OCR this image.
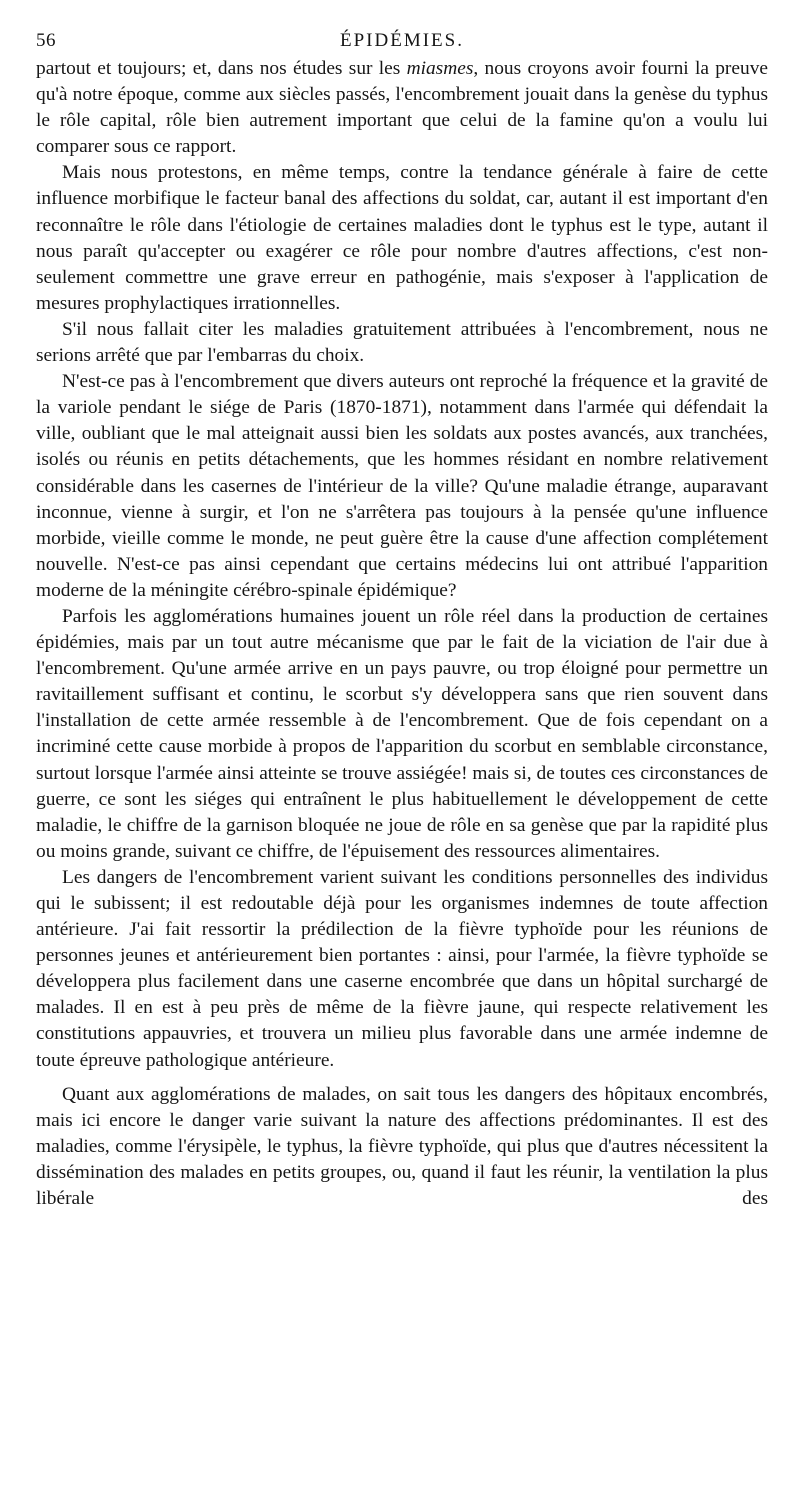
56	ÉPIDÉMIES.

partout et toujours; et, dans nos études sur les miasmes, nous croyons avoir fourni la preuve qu'à notre époque, comme aux siècles passés, l'encombrement jouait dans la genèse du typhus le rôle capital, rôle bien autrement important que celui de la famine qu'on a voulu lui comparer sous ce rapport.

Mais nous protestons, en même temps, contre la tendance générale à faire de cette influence morbifique le facteur banal des affections du soldat, car, autant il est important d'en reconnaître le rôle dans l'étiologie de certaines maladies dont le typhus est le type, autant il nous paraît qu'accepter ou exagérer ce rôle pour nombre d'autres affections, c'est non-seulement commettre une grave erreur en pathogénie, mais s'exposer à l'application de mesures prophylactiques irrationnelles.

S'il nous fallait citer les maladies gratuitement attribuées à l'encombrement, nous ne serions arrêté que par l'embarras du choix.

N'est-ce pas à l'encombrement que divers auteurs ont reproché la fréquence et la gravité de la variole pendant le siége de Paris (1870-1871), notamment dans l'armée qui défendait la ville, oubliant que le mal atteignait aussi bien les soldats aux postes avancés, aux tranchées, isolés ou réunis en petits détachements, que les hommes résidant en nombre relativement considérable dans les casernes de l'intérieur de la ville? Qu'une maladie étrange, auparavant inconnue, vienne à surgir, et l'on ne s'arrêtera pas toujours à la pensée qu'une influence morbide, vieille comme le monde, ne peut guère être la cause d'une affection complétement nouvelle. N'est-ce pas ainsi cependant que certains médecins lui ont attribué l'apparition moderne de la méningite cérébro-spinale épidémique?

Parfois les agglomérations humaines jouent un rôle réel dans la production de certaines épidémies, mais par un tout autre mécanisme que par le fait de la viciation de l'air due à l'encombrement. Qu'une armée arrive en un pays pauvre, ou trop éloigné pour permettre un ravitaillement suffisant et continu, le scorbut s'y développera sans que rien souvent dans l'installation de cette armée ressemble à de l'encombrement. Que de fois cependant on a incriminé cette cause morbide à propos de l'apparition du scorbut en semblable circonstance, surtout lorsque l'armée ainsi atteinte se trouve assiégée! mais si, de toutes ces circonstances de guerre, ce sont les siéges qui entraînent le plus habituellement le développement de cette maladie, le chiffre de la garnison bloquée ne joue de rôle en sa genèse que par la rapidité plus ou moins grande, suivant ce chiffre, de l'épuisement des ressources alimentaires.

Les dangers de l'encombrement varient suivant les conditions personnelles des individus qui le subissent; il est redoutable déjà pour les organismes indemnes de toute affection antérieure. J'ai fait ressortir la prédilection de la fièvre typhoïde pour les réunions de personnes jeunes et antérieurement bien portantes : ainsi, pour l'armée, la fièvre typhoïde se développera plus facilement dans une caserne encombrée que dans un hôpital surchargé de malades. Il en est à peu près de même de la fièvre jaune, qui respecte relativement les constitutions appauvries, et trouvera un milieu plus favorable dans une armée indemne de toute épreuve pathologique antérieure.

Quant aux agglomérations de malades, on sait tous les dangers des hôpitaux encombrés, mais ici encore le danger varie suivant la nature des affections prédominantes. Il est des maladies, comme l'érysipèle, le typhus, la fièvre typhoïde, qui plus que d'autres nécessitent la dissémination des malades en petits groupes, ou, quand il faut les réunir, la ventilation la plus libérale des
